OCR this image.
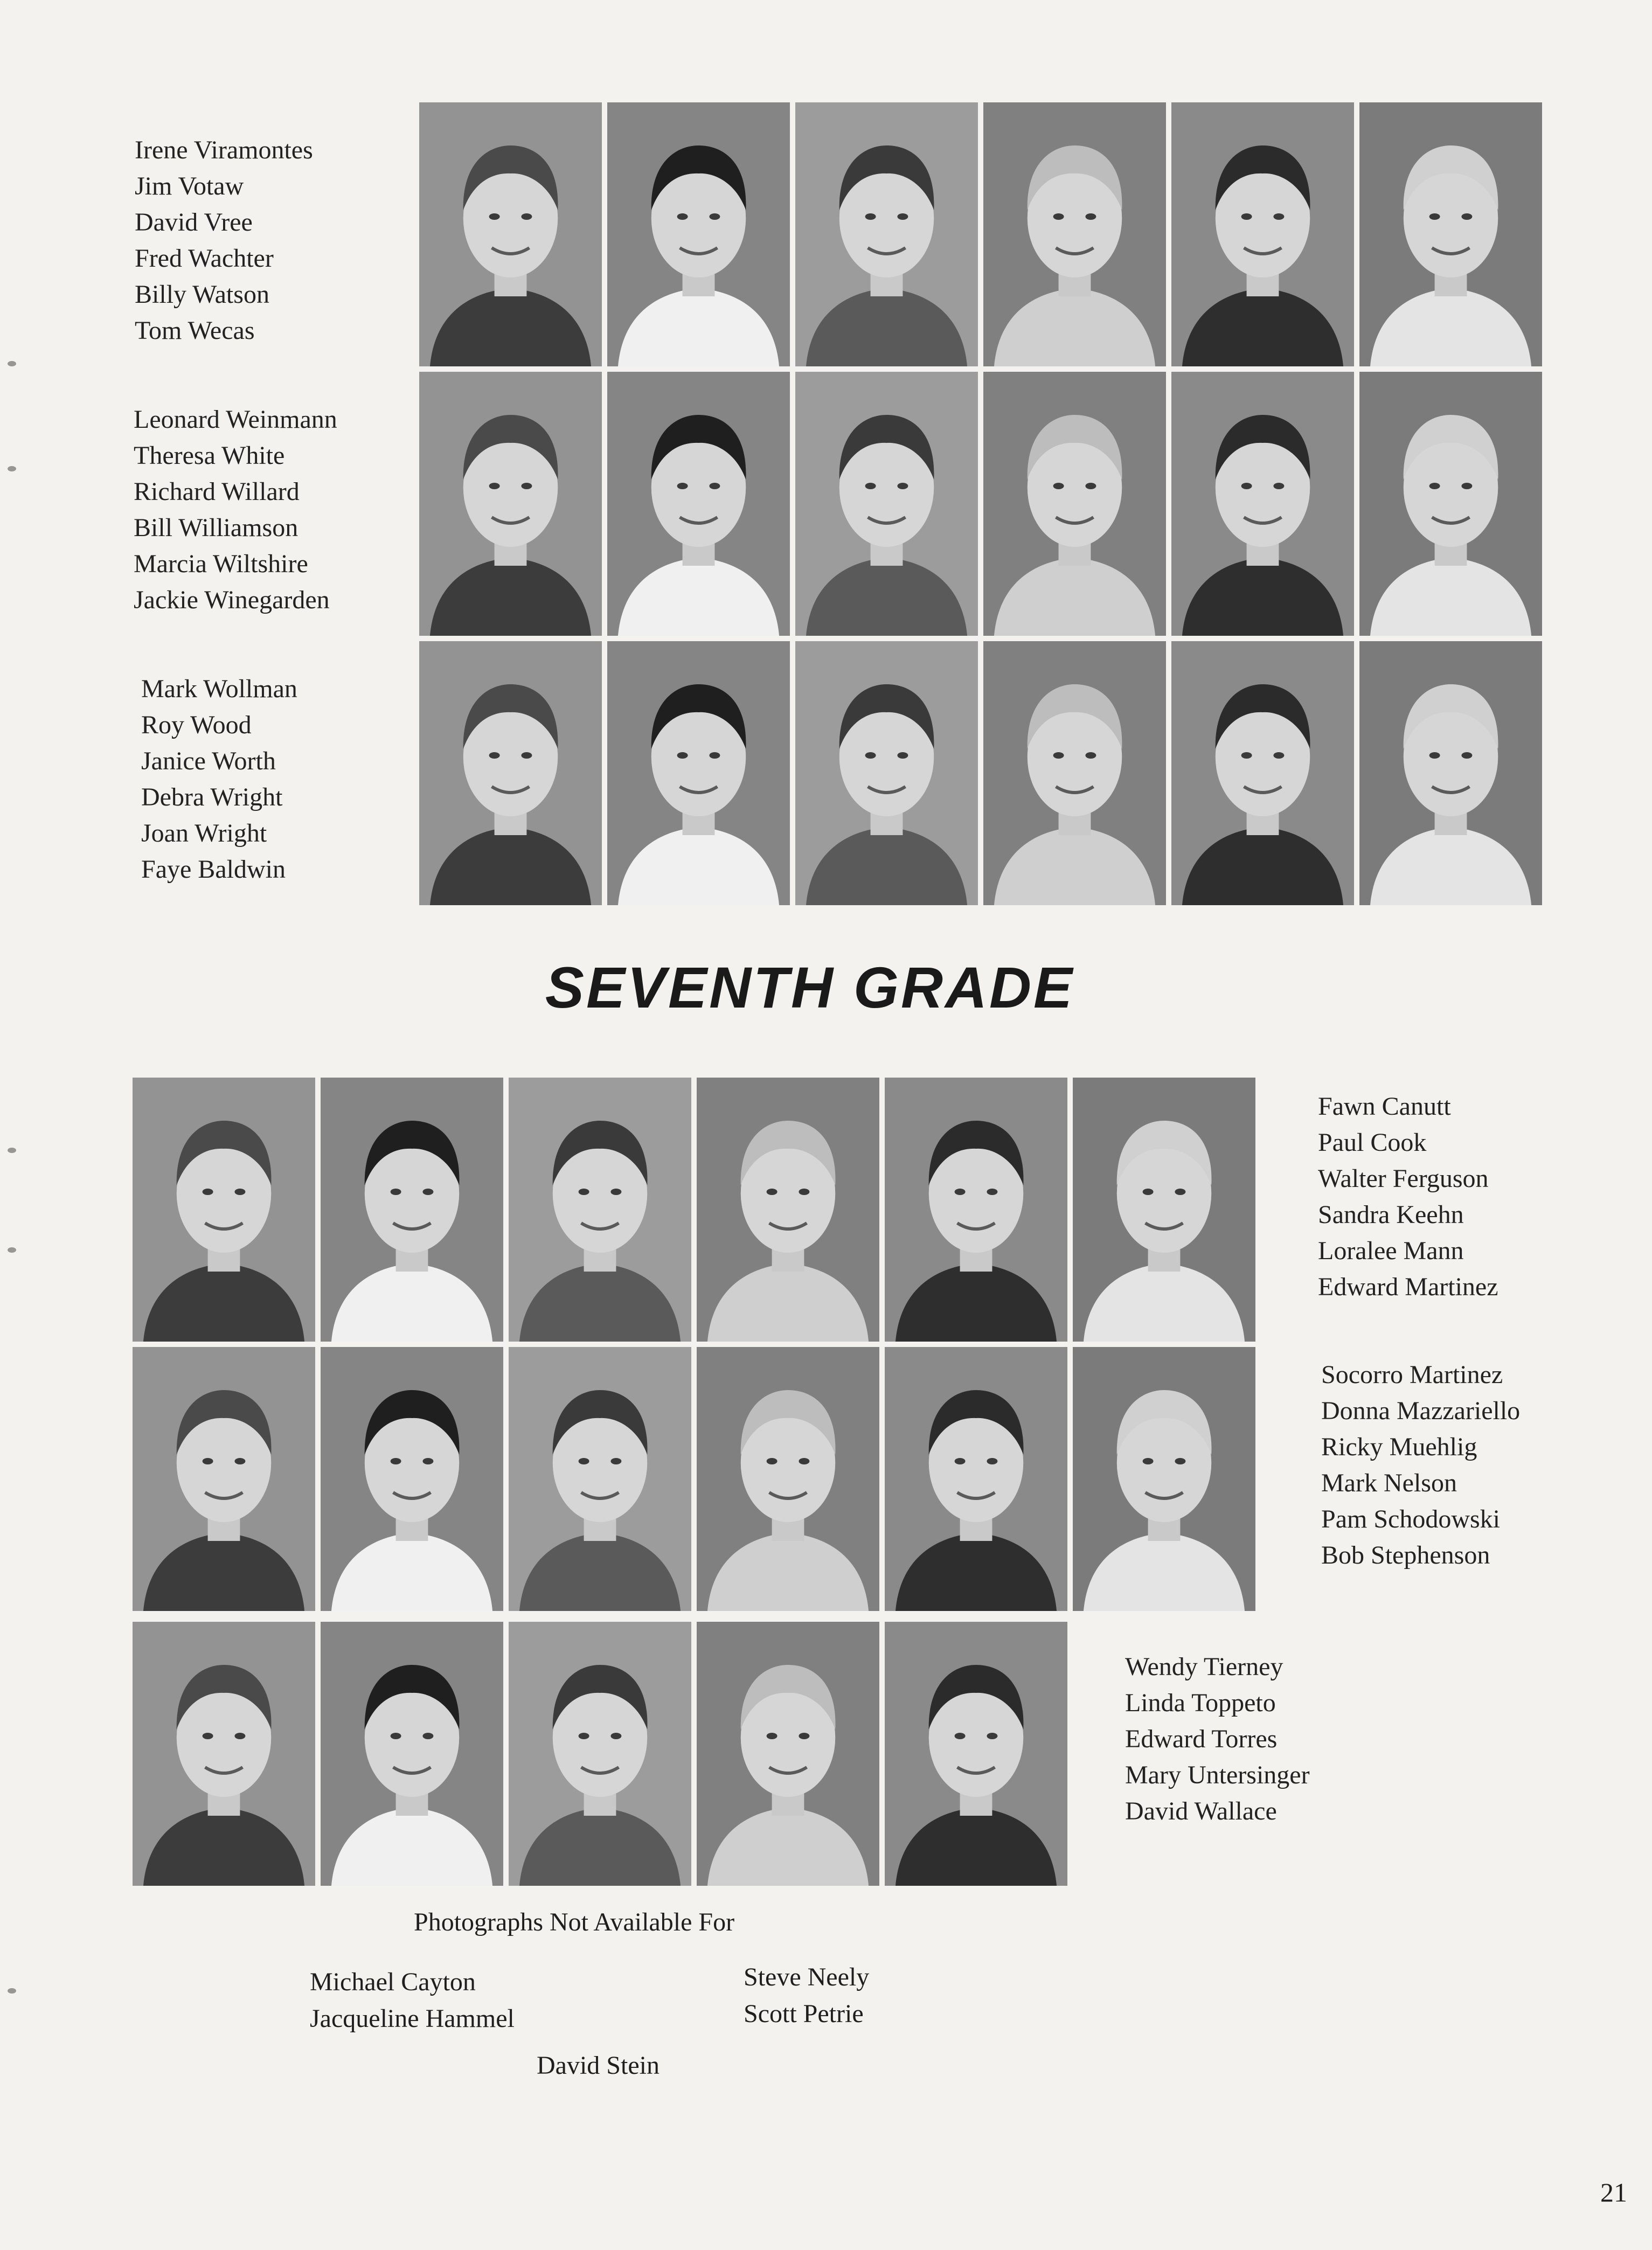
Irene Viramontes
Jim Votaw
David Vree
Fred Wachter
Billy Watson
Tom Wecas
Leonard Weinmann
Theresa White
Richard Willard
Bill Williamson
Marcia Wiltshire
Jackie Winegarden
Mark Wollman
Roy Wood
Janice Worth
Debra Wright
Joan Wright
Faye Baldwin
SEVENTH GRADE
Fawn Canutt
Paul Cook
Walter Ferguson
Sandra Keehn
Loralee Mann
Edward Martinez
Socorro Martinez
Donna Mazzariello
Ricky Muehlig
Mark Nelson
Pam Schodowski
Bob Stephenson
Wendy Tierney
Linda Toppeto
Edward Torres
Mary Untersinger
David Wallace
Photographs Not Available For
Michael Cayton
Jacqueline Hammel
Steve Neely
Scott Petrie
David Stein
21
